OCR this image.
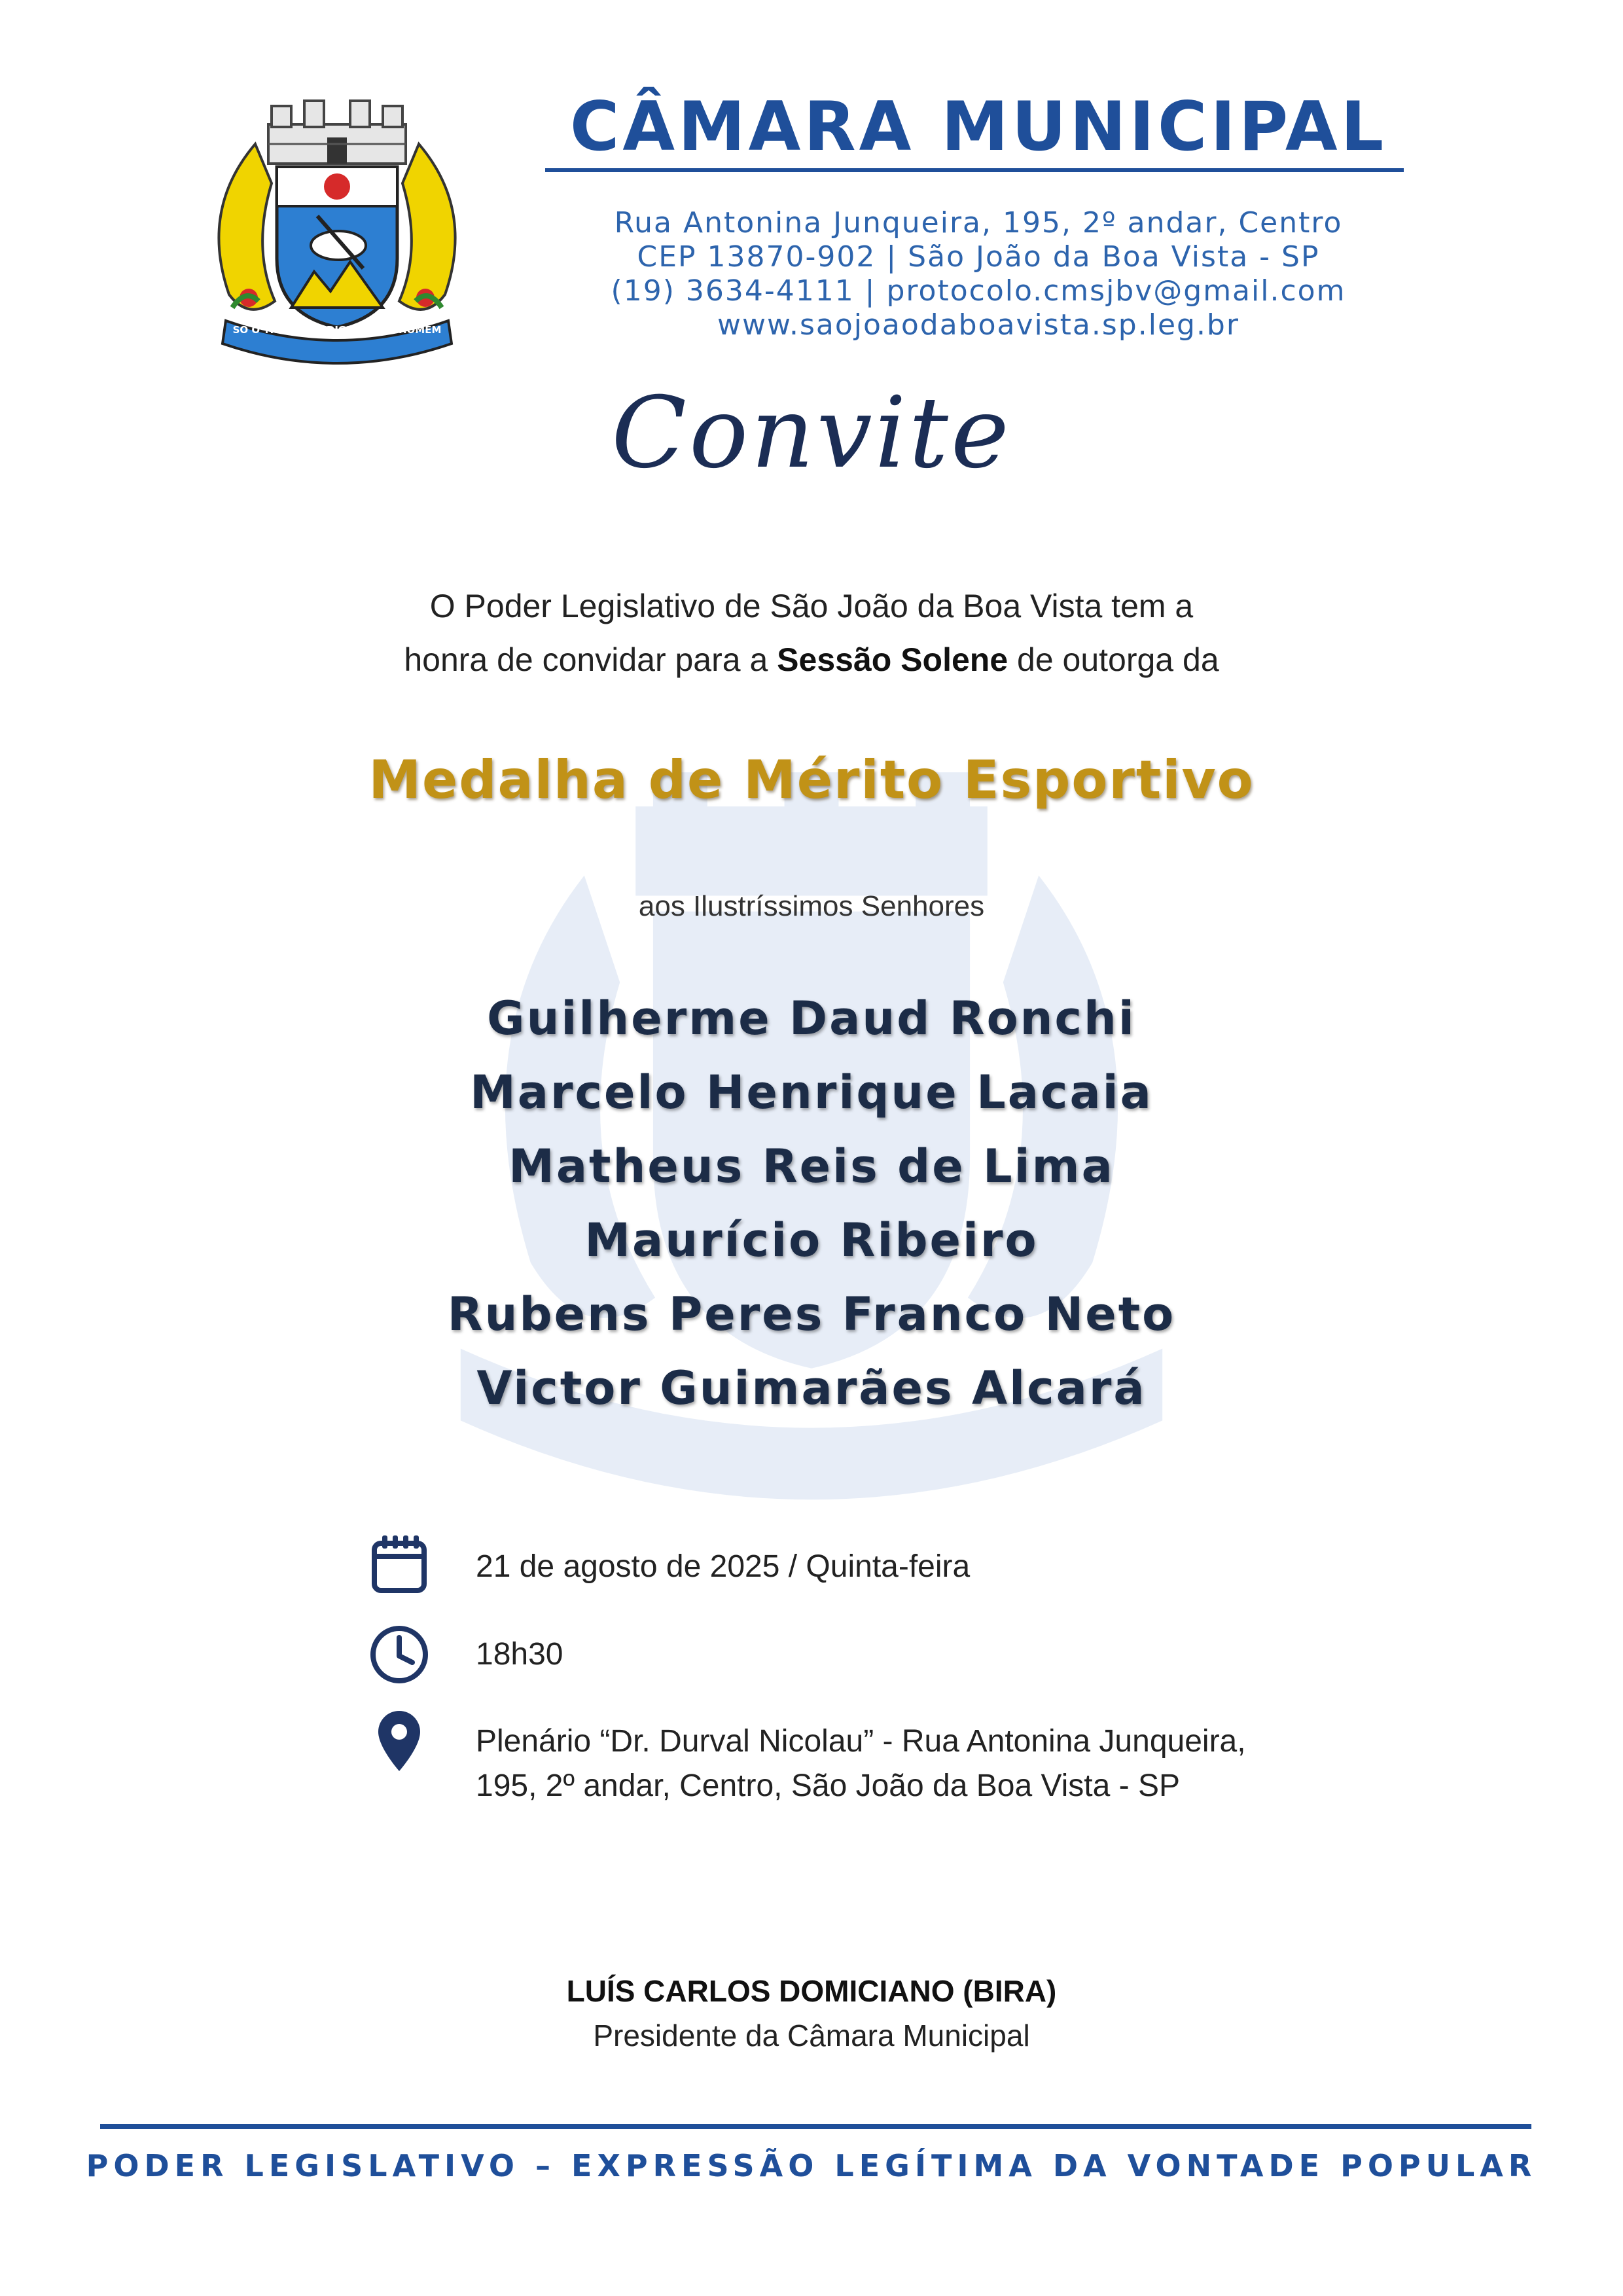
SÓ O TRABALHO DIGNIFICA O HOMEM
CÂMARA MUNICIPAL
Rua Antonina Junqueira, 195, 2º andar, Centro
CEP 13870-902 | São João da Boa Vista - SP
(19) 3634-4111 | protocolo.cmsjbv@gmail.com
www.saojoaodaboavista.sp.leg.br
Convite
O Poder Legislativo de São João da Boa Vista tem a
honra de convidar para a Sessão Solene de outorga da
Medalha de Mérito Esportivo
aos Ilustríssimos Senhores
Guilherme Daud Ronchi
Marcelo Henrique Lacaia
Matheus Reis de Lima
Maurício Ribeiro
Rubens Peres Franco Neto
Victor Guimarães Alcará
21 de agosto de 2025 / Quinta-feira
18h30
Plenário “Dr. Durval Nicolau” - Rua Antonina Junqueira,
195, 2º andar, Centro, São João da Boa Vista - SP
LUÍS CARLOS DOMICIANO (BIRA)
Presidente da Câmara Municipal
PODER LEGISLATIVO – EXPRESSÃO LEGÍTIMA DA VONTADE POPULAR
